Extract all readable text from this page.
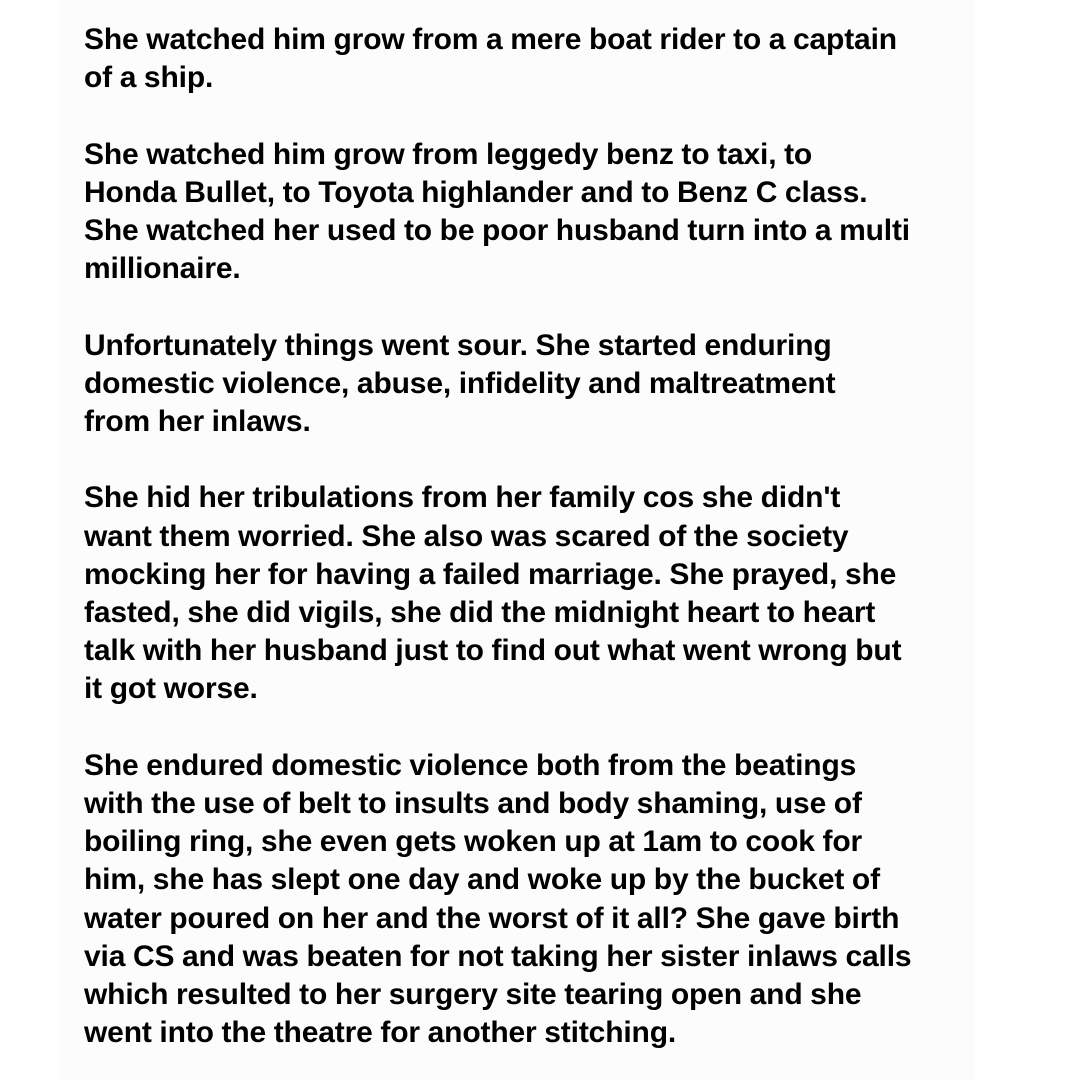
She watched him grow from a mere boat rider to a captain
of a ship.

She watched him grow from leggedy benz to taxi, to
Honda Bullet, to Toyota highlander and to Benz C class.
She watched her used to be poor husband turn into a multi
millionaire.

Unfortunately things went sour. She started enduring
domestic violence, abuse, infidelity and maltreatment
from her inlaws.

She hid her tribulations from her family cos she didn't
want them worried. She also was scared of the society
mocking her for having a failed marriage. She prayed, she
fasted, she did vigils, she did the midnight heart to heart
talk with her husband just to find out what went wrong but
it got worse.

She endured domestic violence both from the beatings
with the use of belt to insults and body shaming, use of
boiling ring, she even gets woken up at 1am to cook for
him, she has slept one day and woke up by the bucket of
water poured on her and the worst of it all? She gave birth
via CS and was beaten for not taking her sister inlaws calls
which resulted to her surgery site tearing open and she
went into the theatre for another stitching.
